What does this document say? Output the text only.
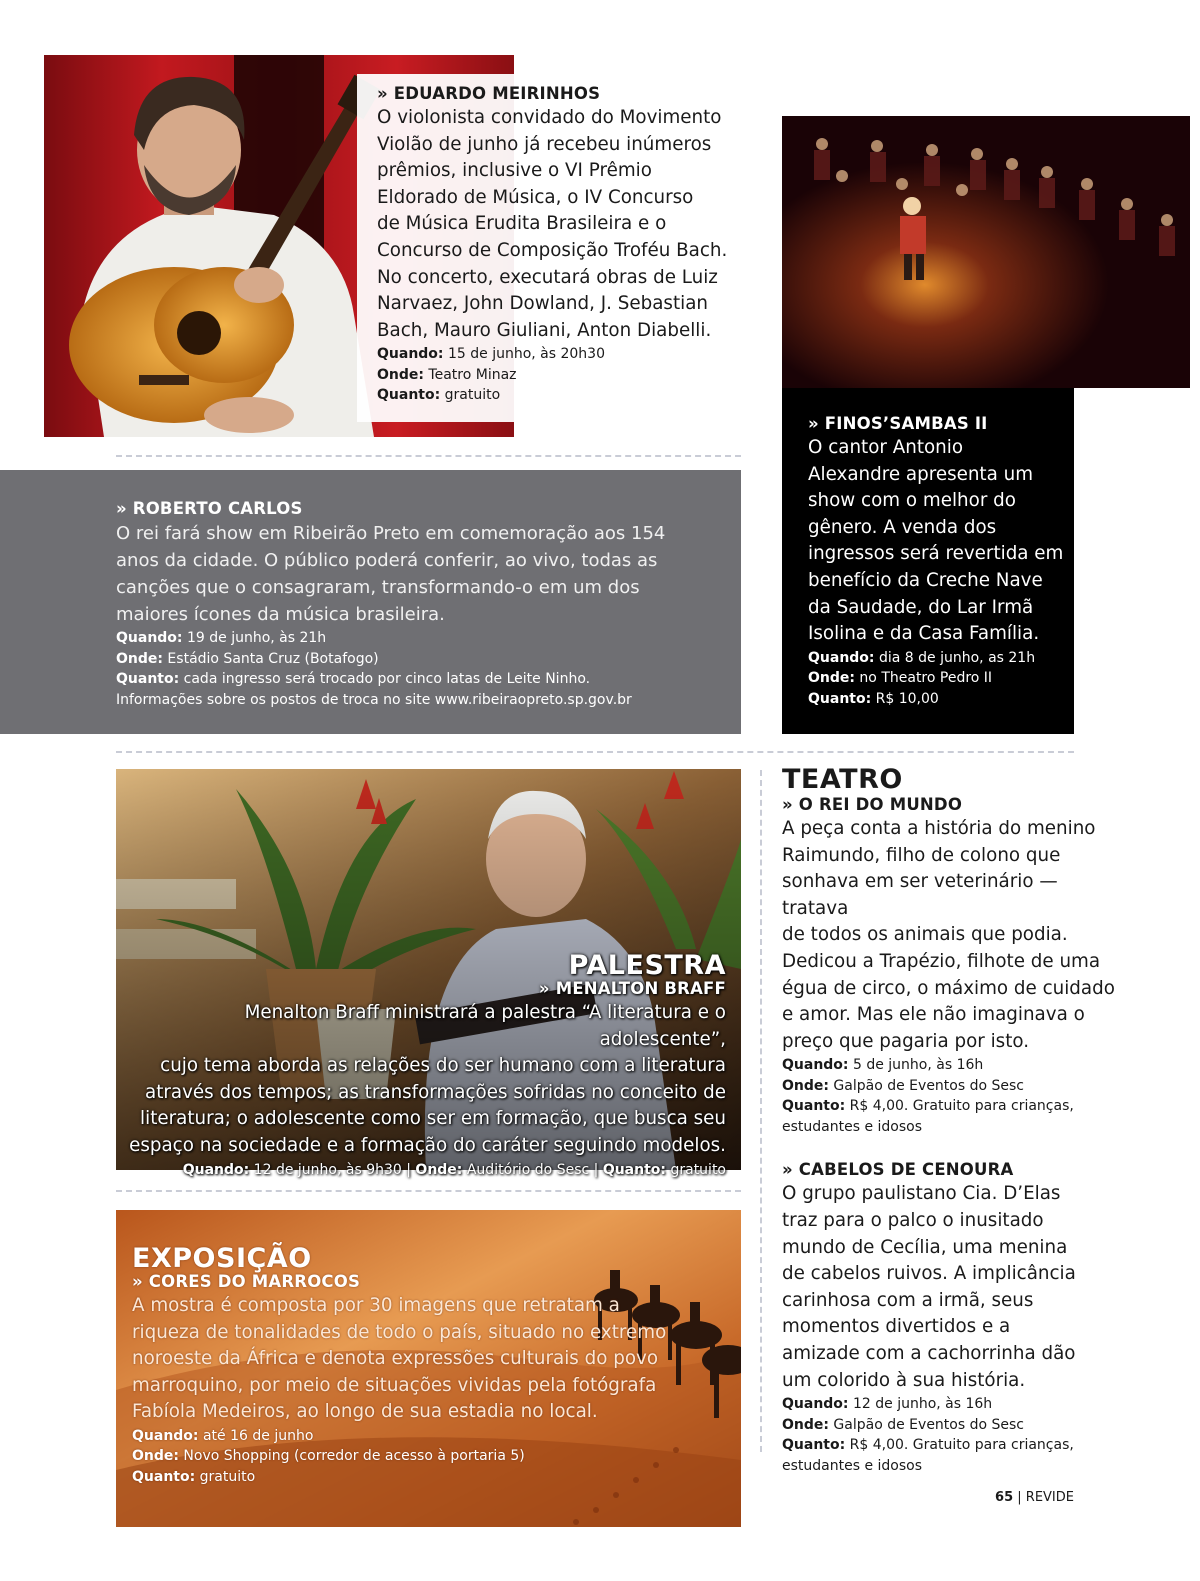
» EDUARDO MEIRINHOS
O violonista convidado do Movimento
Violão de junho já recebeu inúmeros
prêmios, inclusive o VI Prêmio
Eldorado de Música, o IV Concurso
de Música Erudita Brasileira e o
Concurso de Composição Troféu Bach.
No concerto, executará obras de Luiz
Narvaez, John Dowland, J. Sebastian
Bach, Mauro Giuliani, Anton Diabelli.
Quando: 15 de junho, às 20h30
Onde: Teatro Minaz
Quanto: gratuito
» FINOS’SAMBAS II
O cantor Antonio
Alexandre apresenta um
show com o melhor do
gênero. A venda dos
ingressos será revertida em
benefício da Creche Nave
da Saudade, do Lar Irmã
Isolina e da Casa Família.
Quando: dia 8 de junho, as 21h
Onde: no Theatro Pedro II
Quanto: R$ 10,00
» ROBERTO CARLOS
O rei fará show em Ribeirão Preto em comemoração aos 154
anos da cidade. O público poderá conferir, ao vivo, todas as
canções que o consagraram, transformando-o em um dos
maiores ícones da música brasileira.
Quando: 19 de junho, às 21h
Onde: Estádio Santa Cruz (Botafogo)
Quanto: cada ingresso será trocado por cinco latas de Leite Ninho.
Informações sobre os postos de troca no site www.ribeiraopreto.sp.gov.br
PALESTRA
» MENALTON BRAFF
Menalton Braff ministrará a palestra “A literatura e o adolescente”,
cujo tema aborda as relações do ser humano com a literatura
através dos tempos; as transformações sofridas no conceito de
literatura; o adolescente como ser em formação, que busca seu
espaço na sociedade e a formação do caráter seguindo modelos.
Quando: 12 de junho, às 9h30 | Onde: Auditório do Sesc | Quanto: gratuito
EXPOSIÇÃO
» CORES DO MARROCOS
A mostra é composta por 30 imagens que retratam a
riqueza de tonalidades de todo o país, situado no extremo
noroeste da África e denota expressões culturais do povo
marroquino, por meio de situações vividas pela fotógrafa
Fabíola Medeiros, ao longo de sua estadia no local.
Quando: até 16 de junho
Onde: Novo Shopping (corredor de acesso à portaria 5)
Quanto: gratuito
TEATRO
» O REI DO MUNDO
A peça conta a história do menino
Raimundo, filho de colono que
sonhava em ser veterinário — tratava
de todos os animais que podia.
Dedicou a Trapézio, filhote de uma
égua de circo, o máximo de cuidado
e amor. Mas ele não imaginava o
preço que pagaria por isto.
Quando: 5 de junho, às 16h
Onde: Galpão de Eventos do Sesc
Quanto: R$ 4,00. Gratuito para crianças,
estudantes e idosos
» CABELOS DE CENOURA
O grupo paulistano Cia. D’Elas
traz para o palco o inusitado
mundo de Cecília, uma menina
de cabelos ruivos. A implicância
carinhosa com a irmã, seus
momentos divertidos e a
amizade com a cachorrinha dão
um colorido à sua história.
Quando: 12 de junho, às 16h
Onde: Galpão de Eventos do Sesc
Quanto: R$ 4,00. Gratuito para crianças,
estudantes e idosos
65 | REVIDE
